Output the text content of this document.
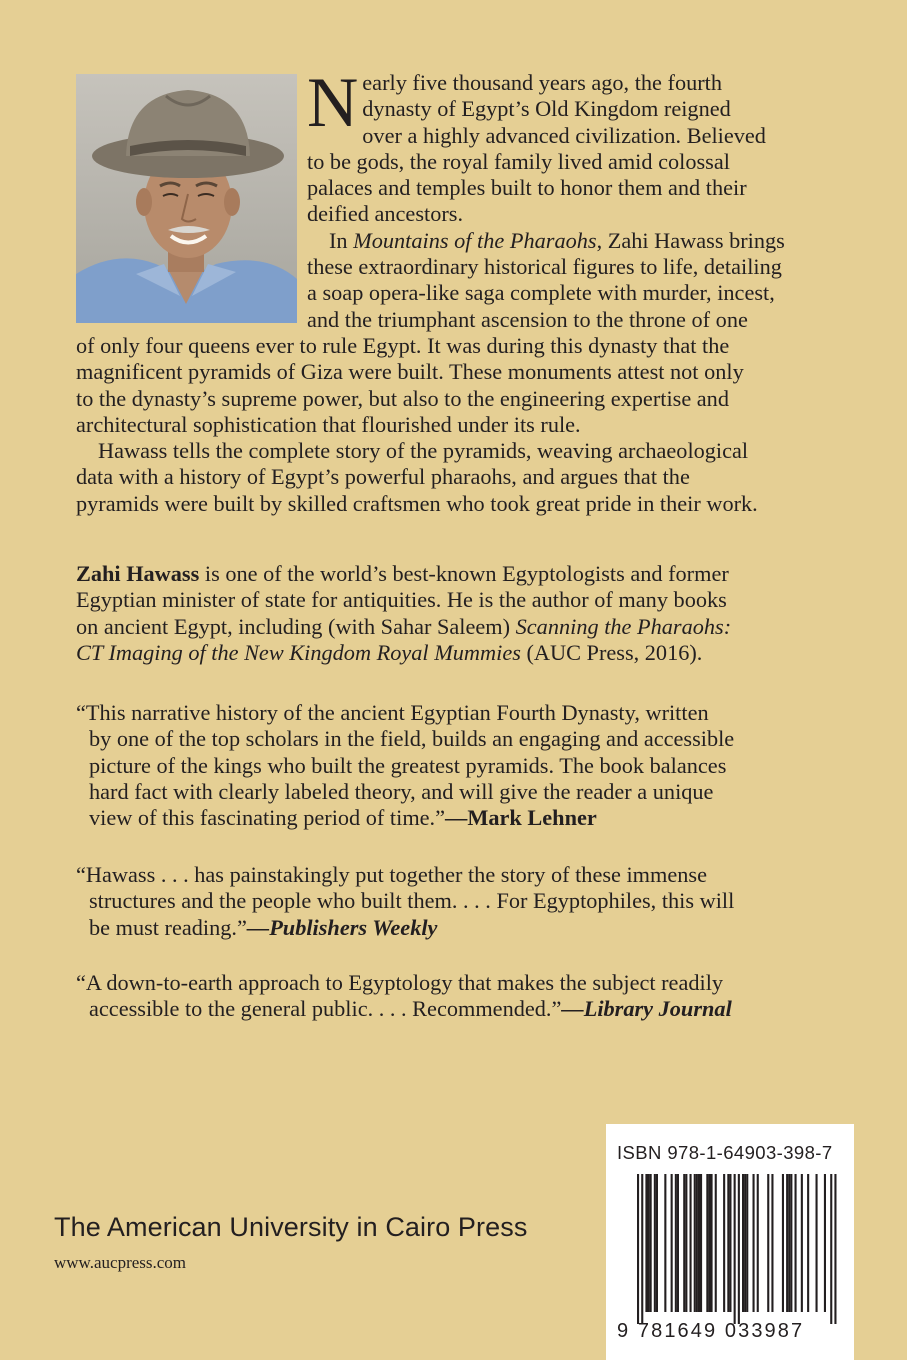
N early five thousand years ago, the fourth
dynasty of Egypt’s Old Kingdom reigned
over a highly advanced civilization. Believed
to be gods, the royal family lived amid colossal
palaces and temples built to honor them and their
deified ancestors.

In Mountains of the Pharaohs, Zahi Hawass brings
these extraordinary historical figures to life, detailing
a soap opera-like saga complete with murder, incest,
and the triumphant ascension to the throne of one
of only four queens ever to rule Egypt. It was during this dynasty that the
magnificent pyramids of Giza were built. These monuments attest not only
to the dynasty’s supreme power, but also to the engineering expertise and
architectural sophistication that flourished under its rule.

Hawass tells the complete story of the pyramids, weaving archaeological
data with a history of Egypt’s powerful pharaohs, and argues that the
pyramids were built by skilled craftsmen who took great pride in their work.

Zahi Hawass is one of the world’s best-known Egyptologists and former
Egyptian minister of state for antiquities. He is the author of many books
on ancient Egypt, including (with Sahar Saleem) Scanning the Pharaohs:
CT Imaging of the New Kingdom Royal Mummies (AUC Press, 2016).
“This narrative history of the ancient Egyptian Fourth Dynasty, written
by one of the top scholars in the field, builds an engaging and accessible
picture of the kings who built the greatest pyramids. The book balances
hard fact with clearly labeled theory, and will give the reader a unique
view of this fascinating period of time.”—Mark Lehner
“Hawass . . . has painstakingly put together the story of these immense
structures and the people who built them. . . . For Egyptophiles, this will
be must reading.”—Publishers Weekly
“A down-to-earth approach to Egyptology that makes the subject readily
accessible to the general public. . . . Recommended.”—Library Journal
The American University in Cairo Press
www.aucpress.com
ISBN 978-1-64903-398-7
9 781649 033987
